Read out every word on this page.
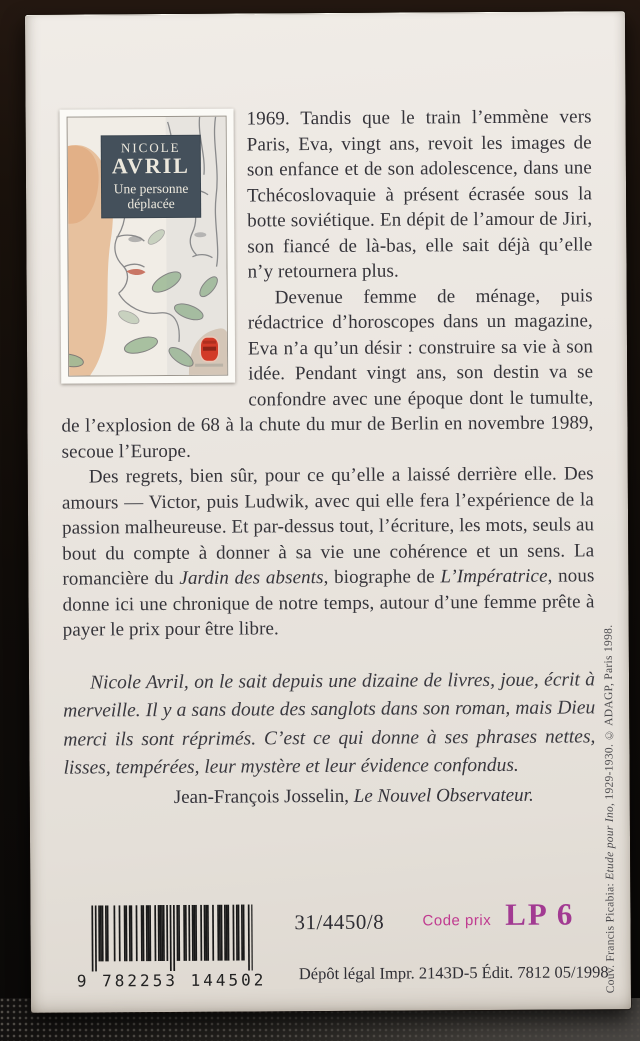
NICOLE
AVRIL
Une personne
déplacée

1969. Tandis que le train l’emmène vers Paris, Eva, vingt ans, revoit les images de son enfance et de son adolescence, dans une Tchécoslovaquie à présent écrasée sous la botte soviétique. En dépit de l’amour de Jiri, son fiancé de là-bas, elle sait déjà qu’elle n’y retournera plus.

Devenue femme de ménage, puis rédactrice d’horoscopes dans un magazine, Eva n’a qu’un désir : construire sa vie à son idée. Pendant vingt ans, son destin va se confondre avec une époque dont le tumulte, de l’explosion de 68 à la chute du mur de Berlin en novembre 1989, secoue l’Europe.

Des regrets, bien sûr, pour ce qu’elle a laissé derrière elle. Des amours — Victor, puis Ludwik, avec qui elle fera l’expérience de la passion malheureuse. Et par-dessus tout, l’écriture, les mots, seuls au bout du compte à donner à sa vie une cohérence et un sens. La romancière du Jardin des absents, biographe de L’Impératrice, nous donne ici une chronique de notre temps, autour d’une femme prête à payer le prix pour être libre.

Nicole Avril, on le sait depuis une dizaine de livres, joue, écrit à merveille. Il y a sans doute des sanglots dans son roman, mais Dieu merci ils sont réprimés. C’est ce qui donne à ses phrases nettes, lisses, tempérées, leur mystère et leur évidence confondus.

Jean-François Josselin, Le Nouvel Observateur.
9 782253 144502
31/4450/8	Code prix LP 6
Dépôt légal Impr. 2143D-5 Édit. 7812 05/1998
Couv. Francis Picabia: Etude pour Ino, 1929-1930. © ADAGP, Paris 1998.
